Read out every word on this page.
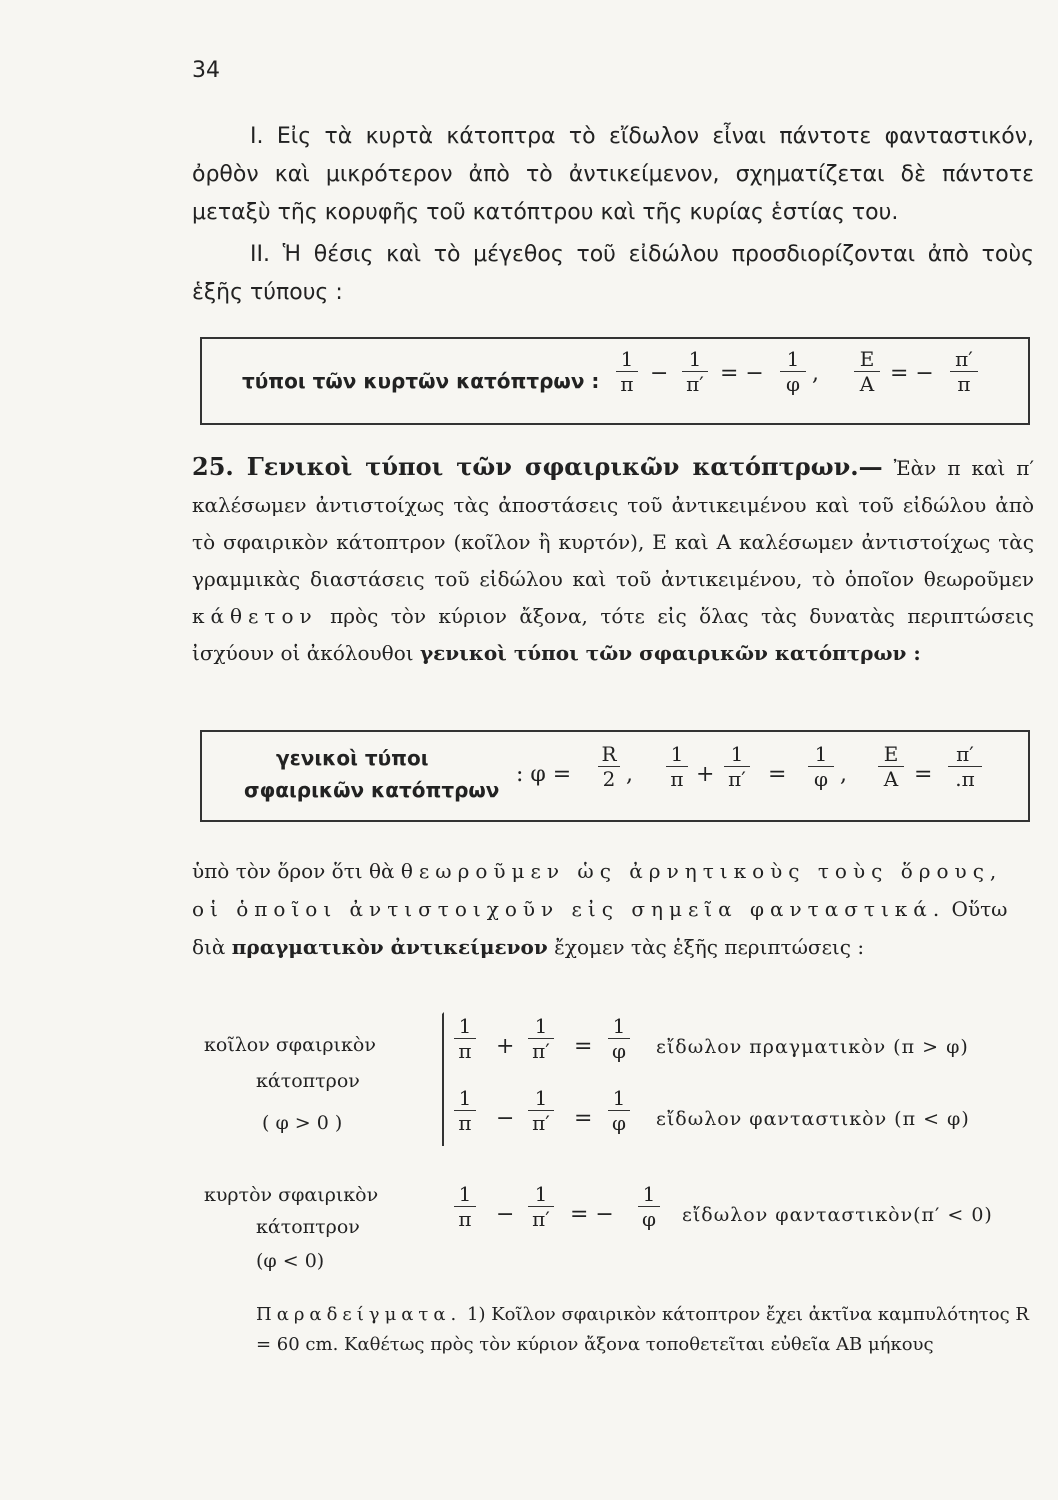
34
I. Εἰς τὰ κυρτὰ κάτοπτρα τὸ εἴδωλον εἶναι πάντοτε φανταστικόν, ὀρθὸν καὶ μικρότερον ἀπὸ τὸ ἀντικείμενον, σχηματίζεται δὲ πάντοτε μεταξὺ τῆς κορυφῆς τοῦ κατόπτρου καὶ τῆς κυρίας ἑστίας του.
II. Ἡ θέσις καὶ τὸ μέγεθος τοῦ εἰδώλου προσδιορίζονται ἀπὸ τοὺς ἑξῆς τύπους :
τύποι τῶν κυρτῶν κατόπτρων :
1
π −
1
π′ = −
1
φ ,
E
A = −
π′
π
25. Γενικοὶ τύποι τῶν σφαιρικῶν κατόπτρων.— Ἐὰν π καὶ π′ καλέσωμεν ἀντιστοίχως τὰς ἀποστάσεις τοῦ ἀντικειμένου καὶ τοῦ εἰδώλου ἀπὸ τὸ σφαιρικὸν κάτοπτρον (κοῖλον ἢ κυρτόν), Ε καὶ Α καλέσωμεν ἀντιστοίχως τὰς γραμμικὰς διαστάσεις τοῦ εἰδώλου καὶ τοῦ ἀντικειμένου, τὸ ὁποῖον θεωροῦμεν κάθετον πρὸς τὸν κύριον ἄξονα, τότε εἰς ὅλας τὰς δυνατὰς περιπτώσεις ἰσχύουν οἱ ἀκόλουθοι γενικοὶ τύποι τῶν σφαιρικῶν κατόπτρων :
γενικοὶ τύποι
σφαιρικῶν κατόπτρων
: φ =
R
2 ,
1
π +
1
π′ =
1
φ ,
E
A =
π′
.π
ὑπὸ τὸν ὅρον ὅτι θὰ θεωροῦμεν ὡς ἀρνητικοὺς τοὺς ὅρους, οἱ ὁποῖοι ἀντιστοιχοῦν εἰς σημεῖα φανταστικά. Οὕτω διὰ πραγματικὸν ἀντικείμενον ἔχομεν τὰς ἑξῆς περιπτώσεις :
κοῖλον σφαιρικὸν
κάτοπτρον
( φ > 0 )
1
π +
1
π′ =
1
φ	εἴδωλον πραγματικὸν (π > φ)
1
π −
1
π′ =
1
φ	εἴδωλον φανταστικὸν (π < φ)
κυρτὸν σφαιρικὸν
κάτοπτρον
(φ < 0)
1
π −
1
π′ = −
1
φ	εἴδωλον φανταστικὸν(π′ < 0)
Παραδείγματα. 1) Κοῖλον σφαιρικὸν κάτοπτρον ἔχει ἀκτῖνα καμπυλότητος R = 60 cm. Καθέτως πρὸς τὸν κύριον ἄξονα τοποθετεῖται εὐθεῖα ΑΒ μήκους
